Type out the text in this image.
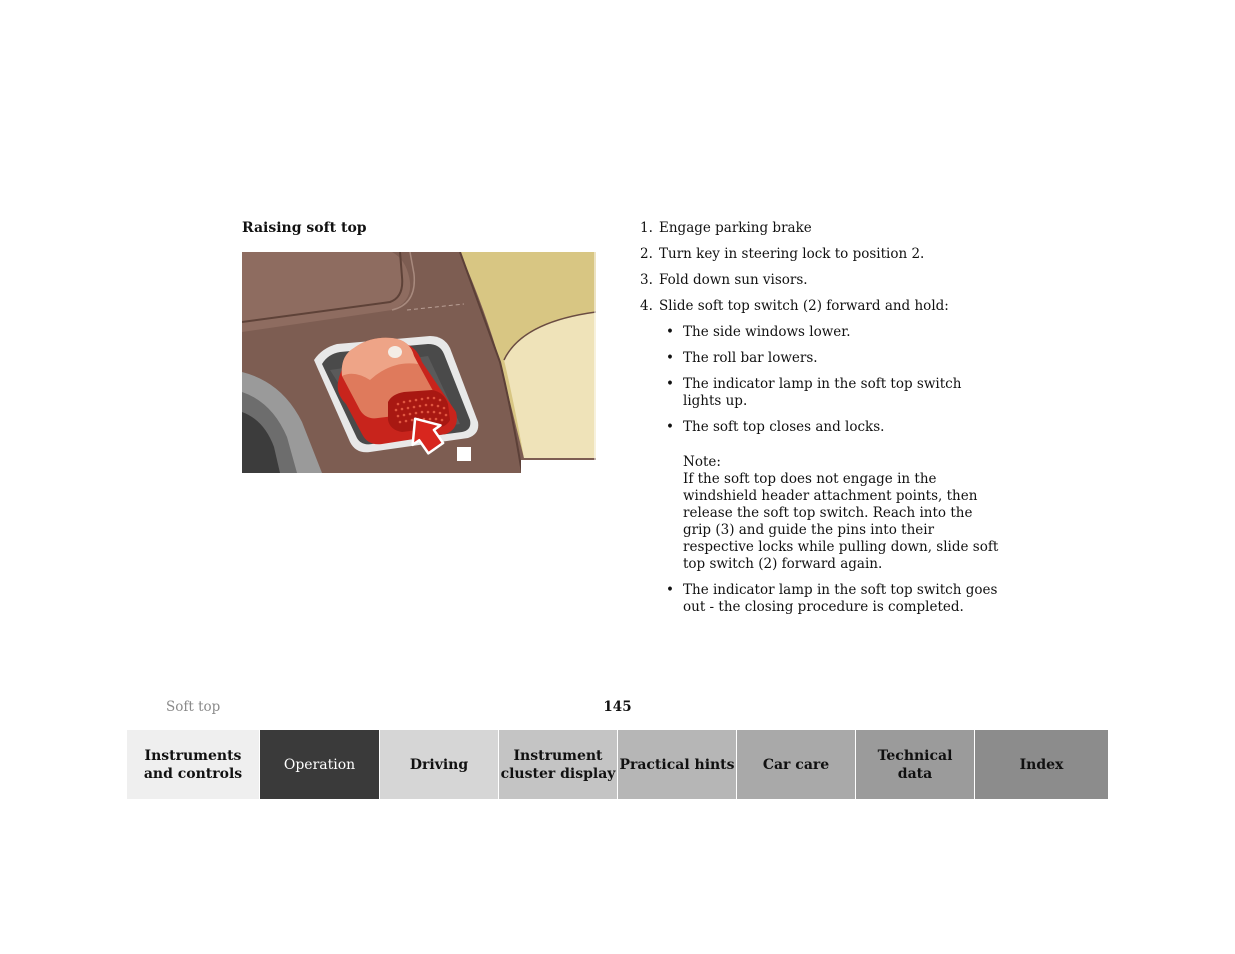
Raising soft top	1. Engage parking brake
2. Turn key in steering lock to position 2.
3. Fold down sun visors.
4. Slide soft top switch (2) forward and hold:
• The side windows lower.
• The roll bar lowers.
• The indicator lamp in the soft top switch lights up.
• The soft top closes and locks.
Note:
If the soft top does not engage in the windshield header attachment points, then release the soft top switch. Reach into the grip (3) and guide the pins into their respective locks while pulling down, slide soft top switch (2) forward again.
• The indicator lamp in the soft top switch goes out - the closing procedure is completed.
Soft top	145
Instruments
and controls
Operation	Driving
Instrument
cluster display
Practical hints Car care
Technical
data
Index
